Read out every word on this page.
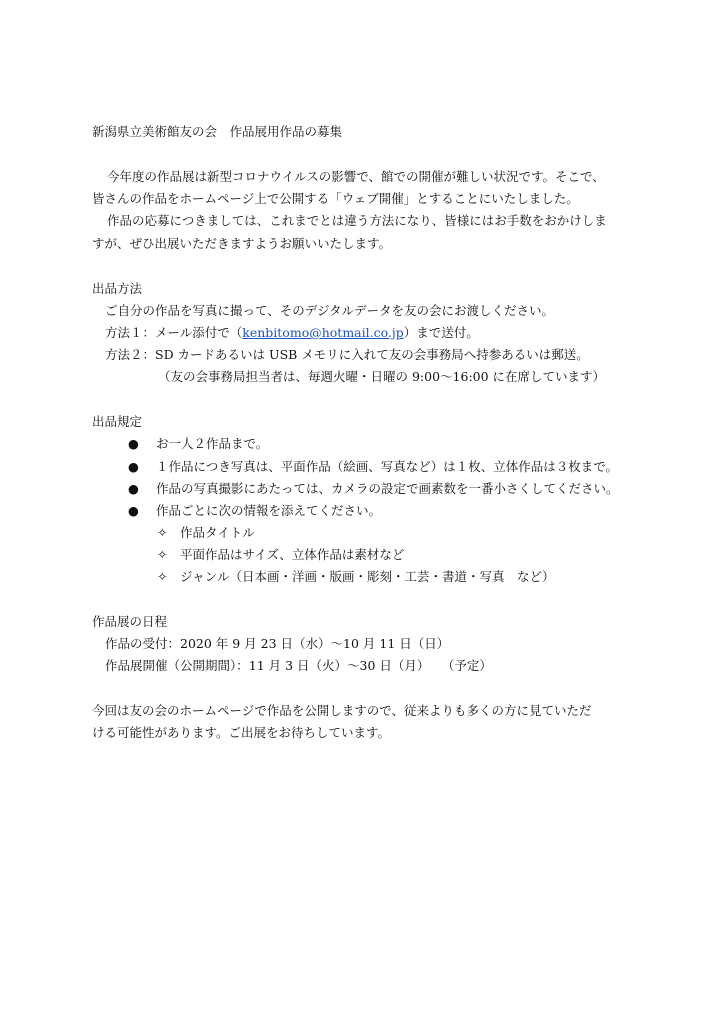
新潟県立美術館友の会　作品展用作品の募集
今年度の作品展は新型コロナウイルスの影響で、館での開催が難しい状況です。そこで、
皆さんの作品をホームページ上で公開する「ウェブ開催」とすることにいたしました。
作品の応募につきましては、これまでとは違う方法になり、皆様にはお手数をおかけしま
すが、ぜひ出展いただきますようお願いいたします。
出品方法
ご自分の作品を写真に撮って、そのデジタルデータを友の会にお渡しください。
方法１：メール添付で（kenbitomo@hotmail.co.jp）まで送付。
方法２：SD カードあるいは USB メモリに入れて友の会事務局へ持参あるいは郵送。
（友の会事務局担当者は、毎週火曜・日曜の 9:00～16:00 に在席しています）
出品規定
● お一人２作品まで。
● １作品につき写真は、平面作品（絵画、写真など）は１枚、立体作品は３枚まで。
● 作品の写真撮影にあたっては、カメラの設定で画素数を一番小さくしてください。
● 作品ごとに次の情報を添えてください。
✧ 作品タイトル
✧ 平面作品はサイズ、立体作品は素材など
✧ ジャンル（日本画・洋画・版画・彫刻・工芸・書道・写真　など）
作品展の日程
作品の受付：2020 年 9 月 23 日（水）～10 月 11 日（日）
作品展開催（公開期間）：11 月 3 日（火）～30 日（月）　　（予定）
今回は友の会のホームページで作品を公開しますので、従来よりも多くの方に見ていただ
ける可能性があります。ご出展をお待ちしています。
